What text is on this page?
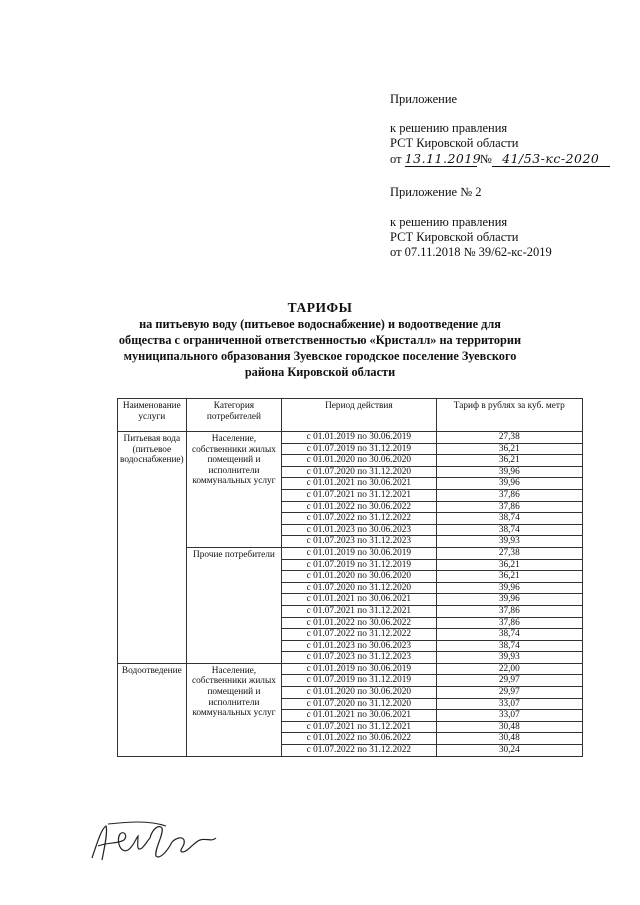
Приложение
к решению правления
РСТ Кировской области
от 13.11.2019 № 41/53-кс-2020
Приложение № 2
к решению правления
РСТ Кировской области
от 07.11.2018 № 39/62-кс-2019
ТАРИФЫ
на питьевую воду (питьевое водоснабжение) и водоотведение для
общества с ограниченной ответственностью «Кристалл» на территории
муниципального образования Зуевское городское поселение Зуевского
района Кировской области
Наименование услуги	Категория потребителей	Период действия	Тариф в рублях за куб. метр
Питьевая вода (питьевое водоснабжение)	Население, собственники жилых помещений и исполнители коммунальных услуг	с 01.01.2019 по 30.06.2019	27,38
		с 01.07.2019 по 31.12.2019	36,21
		с 01.01.2020 по 30.06.2020	36,21
		с 01.07.2020 по 31.12.2020	39,96
		с 01.01.2021 по 30.06.2021	39,96
		с 01.07.2021 по 31.12.2021	37,86
		с 01.01.2022 по 30.06.2022	37,86
		с 01.07.2022 по 31.12.2022	38,74
		с 01.01.2023 по 30.06.2023	38,74
		с 01.07.2023 по 31.12.2023	39,93
	Прочие потребители	с 01.01.2019 по 30.06.2019	27,38
		с 01.07.2019 по 31.12.2019	36,21
		с 01.01.2020 по 30.06.2020	36,21
		с 01.07.2020 по 31.12.2020	39,96
		с 01.01.2021 по 30.06.2021	39,96
		с 01.07.2021 по 31.12.2021	37,86
		с 01.01.2022 по 30.06.2022	37,86
		с 01.07.2022 по 31.12.2022	38,74
		с 01.01.2023 по 30.06.2023	38,74
		с 01.07.2023 по 31.12.2023	39,93
Водоотведение	Население, собственники жилых помещений и исполнители коммунальных услуг	с 01.01.2019 по 30.06.2019	22,00
		с 01.07.2019 по 31.12.2019	29,97
		с 01.01.2020 по 30.06.2020	29,97
		с 01.07.2020 по 31.12.2020	33,07
		с 01.01.2021 по 30.06.2021	33,07
		с 01.07.2021 по 31.12.2021	30,48
		с 01.01.2022 по 30.06.2022	30,48
		с 01.07.2022 по 31.12.2022	30,24
